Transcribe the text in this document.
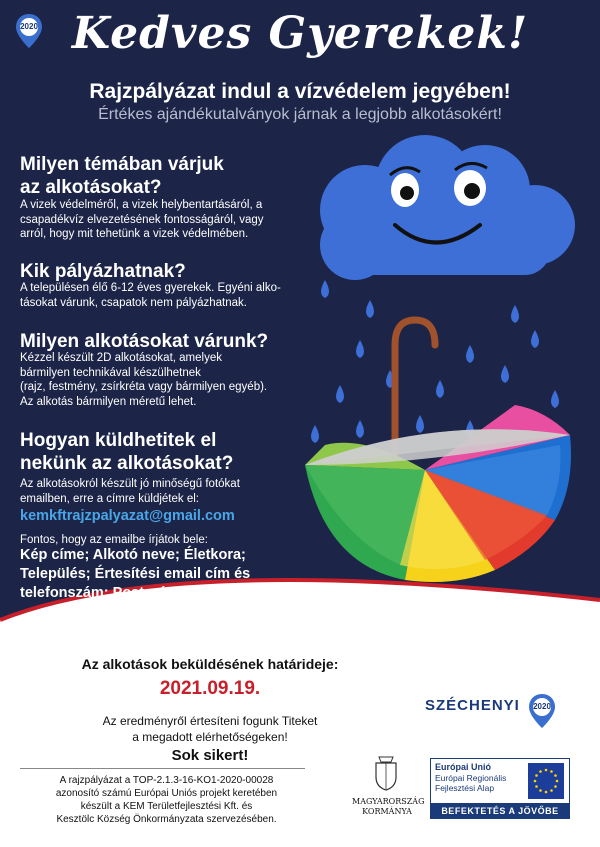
2020 Kedves Gyerekek!
Rajzpályázat indul a vízvédelem jegyében!
Értékes ajándékutalványok járnak a legjobb alkotásokért!
Milyen témában várjuk
az alkotásokat?
A vizek védelméről, a vizek helybentartásáról, a
csapadékvíz elvezetésének fontosságáról, vagy
arról, hogy mit tehetünk a vizek védelmében.
Kik pályázhatnak?
A településen élő 6-12 éves gyerekek. Egyéni alko-
tásokat várunk, csapatok nem pályázhatnak.
Milyen alkotásokat várunk?
Kézzel készült 2D alkotásokat, amelyek
bármilyen technikával készülhetnek
(rajz, festmény, zsírkréta vagy bármilyen egyéb).
Az alkotás bármilyen méretű lehet.
Hogyan küldhetitek el
nekünk az alkotásokat?
Az alkotásokról készült jó minőségű fotókat
emailben, erre a címre küldjétek el:
kemkftrajzpalyazat@gmail.com
Fontos, hogy az emailbe írjátok bele:
Kép címe; Alkotó neve; Életkora;
Település; Értesítési email cím és
telefonszám; Postacím.
Az alkotások beküldésének határideje:
2021.09.19.
Az eredményről értesíteni fogunk Titeket
a megadott elérhetőségeken!
Sok sikert!
A rajzpályázat a TOP-2.1.3-16-KO1-2020-00028
azonosító számú Európai Uniós projekt keretében
készült a KEM Területfejlesztési Kft. és
Kesztölc Község Önkormányzata szervezésében.
MAGYARORSZÁG
KORMÁNYA
SZÉCHENYI	2020
Európai Unió
Európai Regionális
Fejlesztési Alap
BEFEKTETÉS A JÖVŐBE
